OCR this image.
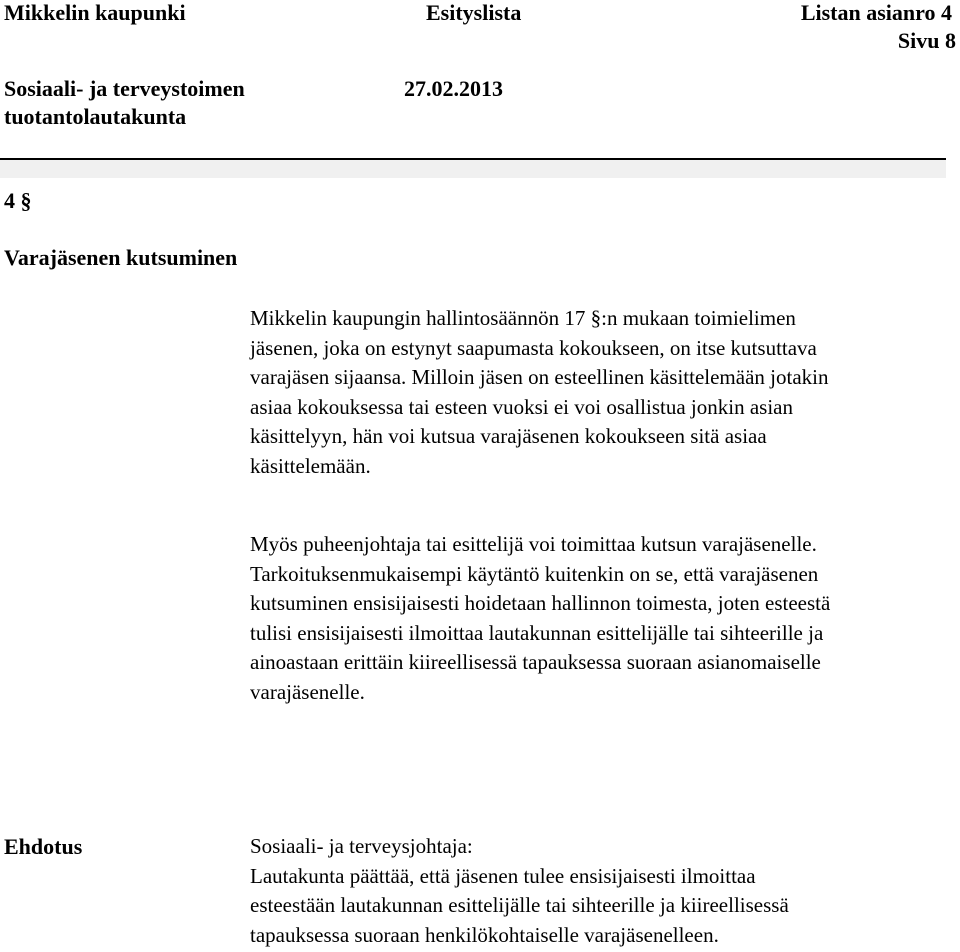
Mikkelin kaupunki	Esityslista	Listan asianro 4
Sivu 8
Sosiaali- ja terveystoimen
tuotantolautakunta
27.02.2013
4 §
Varajäsenen kutsuminen
Mikkelin kaupungin hallintosäännön 17 §:n mukaan toimielimen
jäsenen, joka on estynyt saapumasta kokoukseen, on itse kutsuttava
varajäsen sijaansa. Milloin jäsen on esteellinen käsittelemään jotakin
asiaa kokouksessa tai esteen vuoksi ei voi osallistua jonkin asian
käsittelyyn, hän voi kutsua varajäsenen kokoukseen sitä asiaa
käsittelemään.
Myös puheenjohtaja tai esittelijä voi toimittaa kutsun varajäsenelle.
Tarkoituksenmukaisempi käytäntö kuitenkin on se, että varajäsenen
kutsuminen ensisijaisesti hoidetaan hallinnon toimesta, joten esteestä
tulisi ensisijaisesti ilmoittaa lautakunnan esittelijälle tai sihteerille ja
ainoastaan erittäin kiireellisessä tapauksessa suoraan asianomaiselle
varajäsenelle.
Ehdotus	Sosiaali- ja terveysjohtaja:
Lautakunta päättää, että jäsenen tulee ensisijaisesti ilmoittaa
esteestään lautakunnan esittelijälle tai sihteerille ja kiireellisessä
tapauksessa suoraan henkilökohtaiselle varajäsenelleen.
